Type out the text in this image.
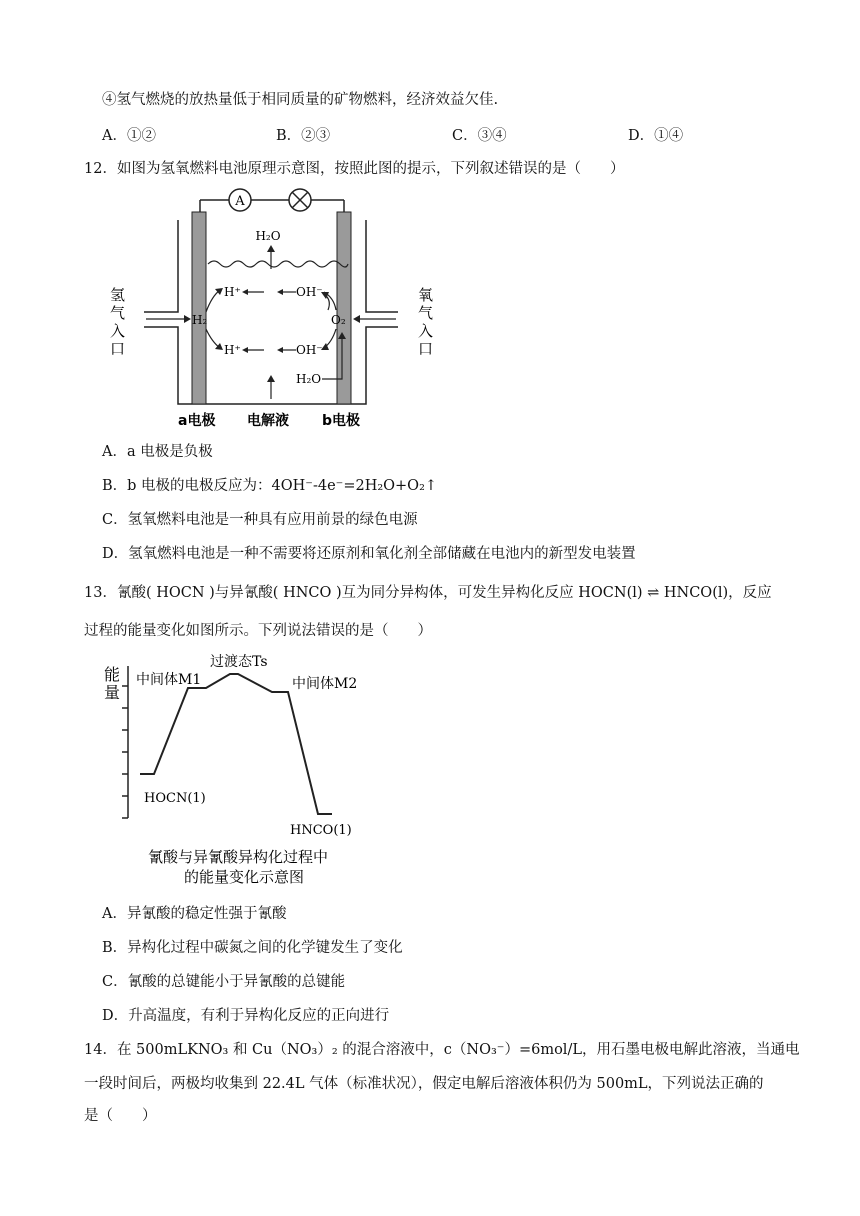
④氢气燃烧的放热量低于相同质量的矿物燃料，经济效益欠佳.
A．①②	B．②③	C．③④	D．①④
12．如图为氢氧燃料电池原理示意图，按照此图的提示，下列叙述错误的是（　　）
A
H₂O
H₂	O₂
H⁺	OH⁻
H⁺	OH⁻
H₂O
氢
气
入
口
氧
气
入
口
a电极 电解液 b电极
A．a 电极是负极
B．b 电极的电极反应为：4OH⁻-4e⁻=2H₂O+O₂↑
C．氢氧燃料电池是一种具有应用前景的绿色电源
D．氢氧燃料电池是一种不需要将还原剂和氧化剂全部储藏在电池内的新型发电装置
13．氰酸( HOCN )与异氰酸( HNCO )互为同分异构体，可发生异构化反应 HOCN(l) ⇌ HNCO(l)，反应
过程的能量变化如图所示。下列说法错误的是（　　）
能
量
过渡态Ts
中间体M1	中间体M2
HOCN(1)
HNCO(1)
氰酸与异氰酸异构化过程中
的能量变化示意图
A．异氰酸的稳定性强于氰酸
B．异构化过程中碳氮之间的化学键发生了变化
C．氰酸的总键能小于异氰酸的总键能
D．升高温度，有利于异构化反应的正向进行
14．在 500mLKNO₃ 和 Cu（NO₃）₂ 的混合溶液中，c（NO₃⁻）=6mol/L，用石墨电极电解此溶液，当通电
一段时间后，两极均收集到 22.4L 气体（标准状况），假定电解后溶液体积仍为 500mL，下列说法正确的
是（　　）
